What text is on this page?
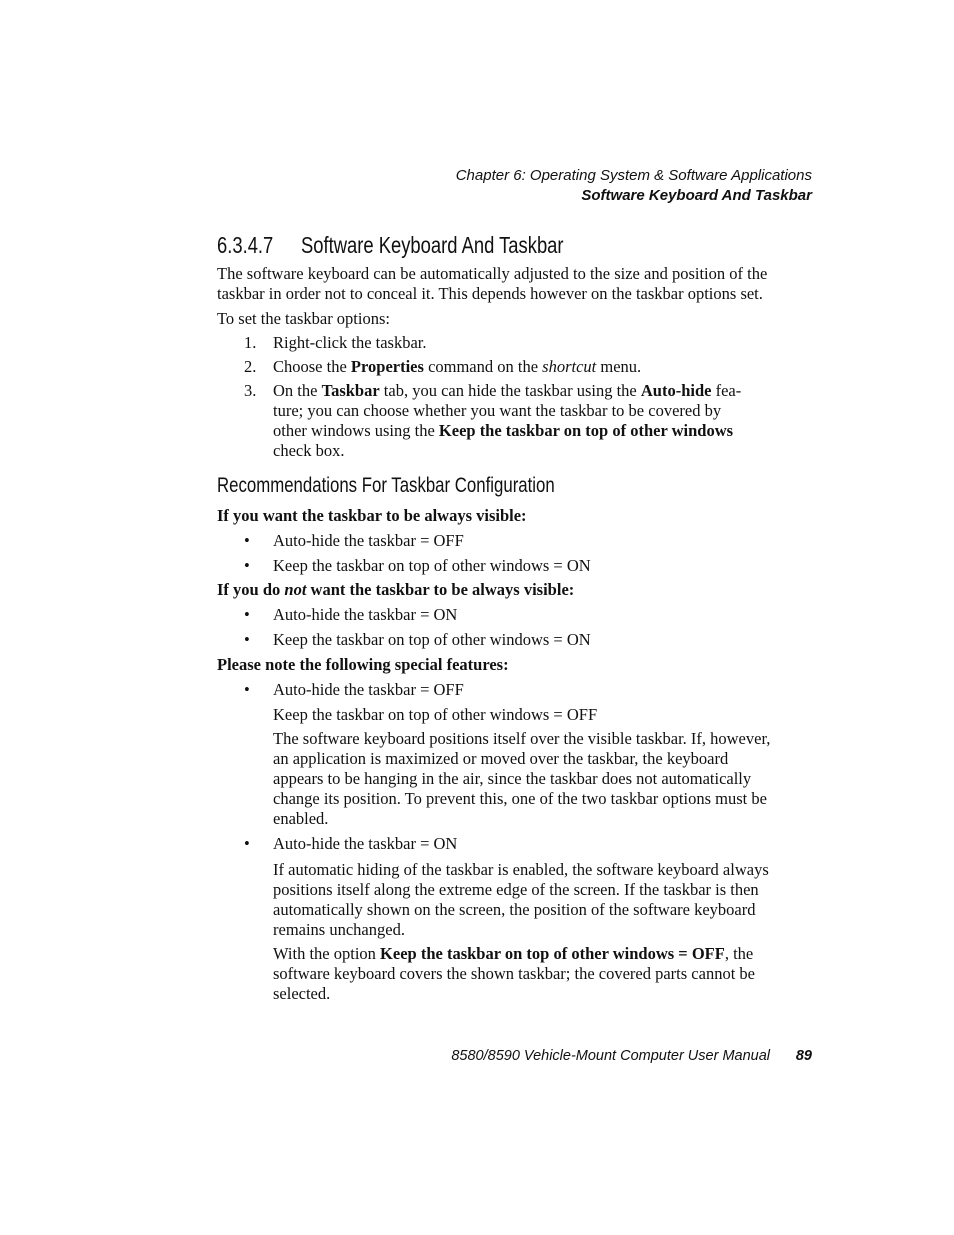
Chapter 6: Operating System & Software Applications
Software Keyboard And Taskbar
6.3.4.7 Software Keyboard And Taskbar
The software keyboard can be automatically adjusted to the size and position of the
taskbar in order not to conceal it. This depends however on the taskbar options set.
To set the taskbar options:
1. Right-click the taskbar.
2. Choose the Properties command on the shortcut menu.
3. On the Taskbar tab, you can hide the taskbar using the Auto-hide fea-
ture; you can choose whether you want the taskbar to be covered by
other windows using the Keep the taskbar on top of other windows
check box.
Recommendations For Taskbar Configuration
If you want the taskbar to be always visible:
• Auto-hide the taskbar = OFF
• Keep the taskbar on top of other windows = ON
If you do not want the taskbar to be always visible:
• Auto-hide the taskbar = ON
• Keep the taskbar on top of other windows = ON
Please note the following special features:
• Auto-hide the taskbar = OFF
Keep the taskbar on top of other windows = OFF
The software keyboard positions itself over the visible taskbar. If, however,
an application is maximized or moved over the taskbar, the keyboard
appears to be hanging in the air, since the taskbar does not automatically
change its position. To prevent this, one of the two taskbar options must be
enabled.
• Auto-hide the taskbar = ON
If automatic hiding of the taskbar is enabled, the software keyboard always
positions itself along the extreme edge of the screen. If the taskbar is then
automatically shown on the screen, the position of the software keyboard
remains unchanged.
With the option Keep the taskbar on top of other windows = OFF, the
software keyboard covers the shown taskbar; the covered parts cannot be
selected.
8580/8590 Vehicle-Mount Computer User Manual 89
